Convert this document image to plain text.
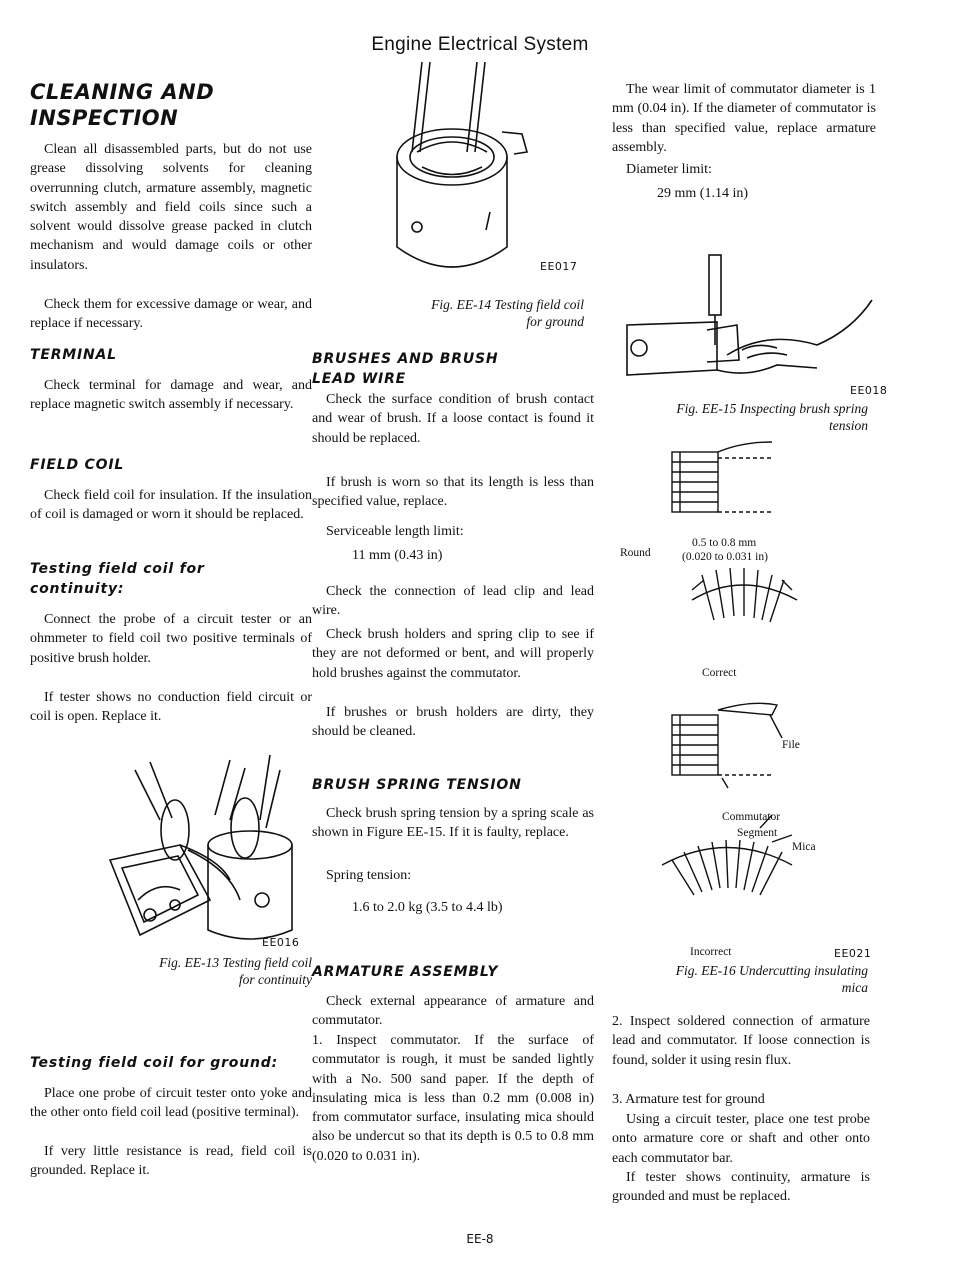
Engine Electrical System
CLEANING AND
INSPECTION
Clean all disassembled parts, but do not use grease dissolving solvents for cleaning overrunning clutch, armature assembly, magnetic switch assembly and field coils since such a solvent would dissolve grease packed in clutch mechanism and would damage coils or other insulators.
Check them for excessive damage or wear, and replace if necessary.
TERMINAL
Check terminal for damage and wear, and replace magnetic switch assembly if necessary.
FIELD COIL
Check field coil for insulation. If the insulation of coil is damaged or worn it should be replaced.
Testing field coil for
continuity:
Connect the probe of a circuit tester or an ohmmeter to field coil two positive terminals of positive brush holder.
If tester shows no conduction field circuit or coil is open. Replace it.
EE016
Fig. EE-13 Testing field coil
for continuity
Testing field coil for ground:
Place one probe of circuit tester onto yoke and the other onto field coil lead (positive terminal).
If very little resistance is read, field coil is grounded. Replace it.
EE017
Fig. EE-14 Testing field coil
for ground
BRUSHES AND BRUSH
LEAD WIRE
Check the surface condition of brush contact and wear of brush. If a loose contact is found it should be replaced.
If brush is worn so that its length is less than specified value, replace.
Serviceable length limit:
11 mm (0.43 in)
Check the connection of lead clip and lead wire.
Check brush holders and spring clip to see if they are not deformed or bent, and will properly hold brushes against the commutator.
If brushes or brush holders are dirty, they should be cleaned.
BRUSH SPRING TENSION
Check brush spring tension by a spring scale as shown in Figure EE-15. If it is faulty, replace.
Spring tension:
1.6 to 2.0 kg (3.5 to 4.4 lb)
ARMATURE ASSEMBLY
Check external appearance of armature and commutator.
1. Inspect commutator. If the surface of commutator is rough, it must be sanded lightly with a No. 500 sand paper. If the depth of insulating mica is less than 0.2 mm (0.008 in) from commutator surface, insulating mica should also be undercut so that its depth is 0.5 to 0.8 mm (0.020 to 0.031 in).
The wear limit of commutator diameter is 1 mm (0.04 in). If the diameter of commutator is less than specified value, replace armature assembly.
Diameter limit:
29 mm (1.14 in)
EE018
Fig. EE-15 Inspecting brush spring
tension
Round
0.5 to 0.8 mm
(0.020 to 0.031 in)
Correct
File
Commutator
Segment
Mica
Incorrect	EE021
Fig. EE-16 Undercutting insulating
mica
2. Inspect soldered connection of armature lead and commutator. If loose connection is found, solder it using resin flux.
3. Armature test for ground
Using a circuit tester, place one test probe onto armature core or shaft and other onto each commutator bar.
If tester shows continuity, armature is grounded and must be replaced.
EE-8
